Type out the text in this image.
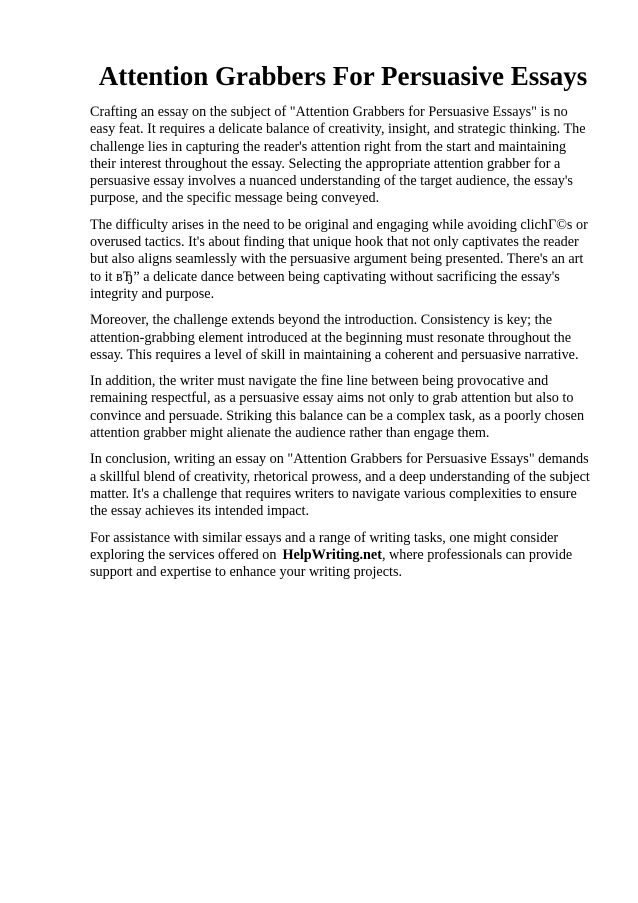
Attention Grabbers For Persuasive Essays

Crafting an essay on the subject of "Attention Grabbers for Persuasive Essays" is no easy feat. It requires a delicate balance of creativity, insight, and strategic thinking. The challenge lies in capturing the reader's attention right from the start and maintaining their interest throughout the essay. Selecting the appropriate attention grabber for a persuasive essay involves a nuanced understanding of the target audience, the essay's purpose, and the specific message being conveyed.

The difficulty arises in the need to be original and engaging while avoiding clichГ©s or overused tactics. It's about finding that unique hook that not only captivates the reader but also aligns seamlessly with the persuasive argument being presented. There's an art to it вЂ” a delicate dance between being captivating without sacrificing the essay's integrity and purpose.

Moreover, the challenge extends beyond the introduction. Consistency is key; the attention-grabbing element introduced at the beginning must resonate throughout the essay. This requires a level of skill in maintaining a coherent and persuasive narrative.

In addition, the writer must navigate the fine line between being provocative and remaining respectful, as a persuasive essay aims not only to grab attention but also to convince and persuade. Striking this balance can be a complex task, as a poorly chosen attention grabber might alienate the audience rather than engage them.

In conclusion, writing an essay on "Attention Grabbers for Persuasive Essays" demands a skillful blend of creativity, rhetorical prowess, and a deep understanding of the subject matter. It's a challenge that requires writers to navigate various complexities to ensure the essay achieves its intended impact.

For assistance with similar essays and a range of writing tasks, one might consider exploring the services offered on HelpWriting.net, where professionals can provide support and expertise to enhance your writing projects.
